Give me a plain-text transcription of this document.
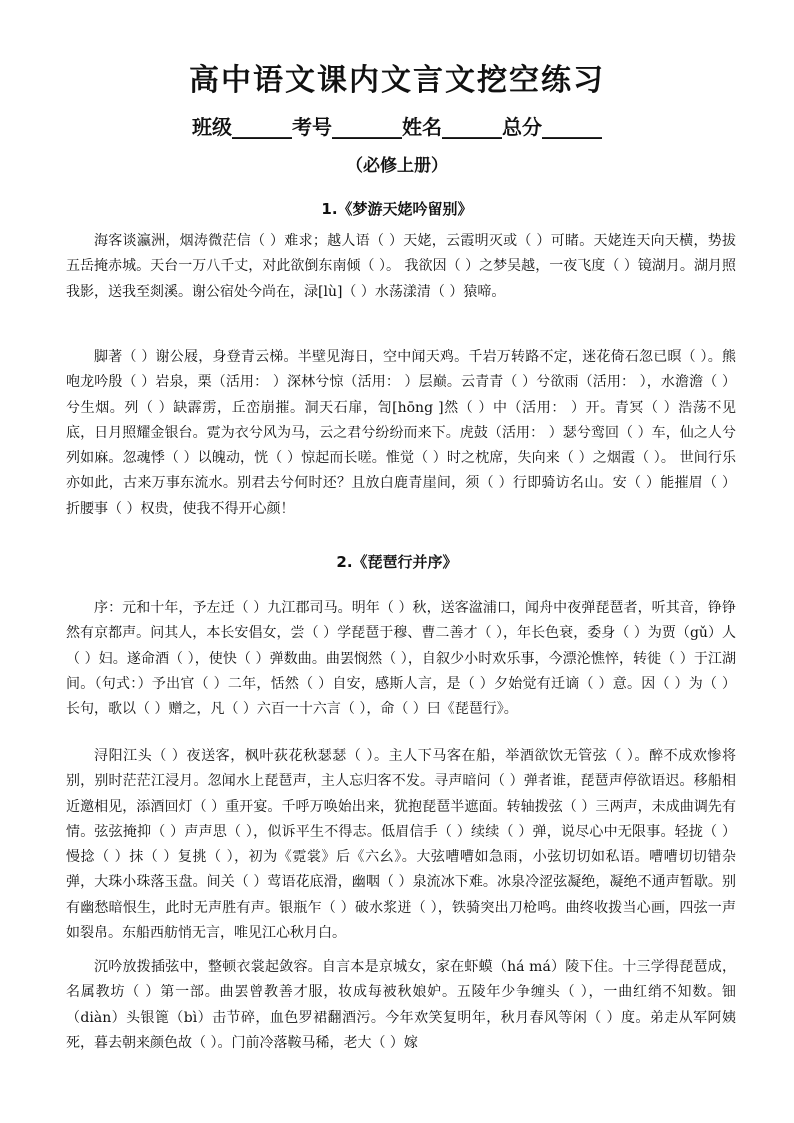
高中语文课内文言文挖空练习
班级______考号_______姓名______总分______
（必修上册）
1.《梦游天姥吟留别》

海客谈瀛洲，烟涛微茫信（ ）难求；越人语（ ）天姥，云霞明灭或（ ）可睹。天姥连天向天横，势拔五岳掩赤城。天台一万八千丈，对此欲倒东南倾（ ）。 我欲因（ ）之梦吴越，一夜飞度（ ）镜湖月。湖月照我影，送我至剡溪。谢公宿处今尚在，渌[lù]（ ）水荡漾清（ ）猿啼。

脚著（ ）谢公屐，身登青云梯。半壁见海日，空中闻天鸡。千岩万转路不定，迷花倚石忽已暝（ ）。熊咆龙吟殷（ ）岩泉，栗（活用： ）深林兮惊（活用： ）层巅。云青青（ ）兮欲雨（活用： ），水澹澹（ ）兮生烟。列（ ）缺霹雳，丘峦崩摧。洞天石扉，訇[hōng ]然（ ）中（活用： ）开。青冥（ ）浩荡不见底，日月照耀金银台。霓为衣兮风为马，云之君兮纷纷而来下。虎鼓（活用： ）瑟兮鸾回（ ）车，仙之人兮列如麻。忽魂悸（ ）以魄动，恍（ ）惊起而长嗟。惟觉（ ）时之枕席，失向来（ ）之烟霞（ ）。 世间行乐亦如此，古来万事东流水。别君去兮何时还？且放白鹿青崖间，须（ ）行即骑访名山。安（ ）能摧眉（ ）折腰事（ ）权贵，使我不得开心颜！

2.《琵琶行并序》

序：元和十年，予左迁（ ）九江郡司马。明年（ ）秋，送客湓浦口，闻舟中夜弹琵琶者，听其音，铮铮然有京都声。问其人，本长安倡女，尝（ ）学琵琶于穆、曹二善才（ ），年长色衰，委身（ ）为贾（gǔ）人（ ）妇。遂命酒（ ），使快（ ）弹数曲。曲罢悯然（ ），自叙少小时欢乐事，今漂沦憔悴，转徙（ ）于江湖间。（句式：）予出官（ ）二年，恬然（ ）自安，感斯人言，是（ ）夕始觉有迁谪（ ）意。因（ ）为（ ）长句，歌以（ ）赠之，凡（ ）六百一十六言（ ），命（ ）曰《琵琶行》。

浔阳江头（ ）夜送客，枫叶荻花秋瑟瑟（ ）。主人下马客在船，举酒欲饮无管弦（ ）。醉不成欢惨将别，别时茫茫江浸月。忽闻水上琵琶声，主人忘归客不发。寻声暗问（ ）弹者谁，琵琶声停欲语迟。移船相近邀相见，添酒回灯（ ）重开宴。千呼万唤始出来，犹抱琵琶半遮面。转轴拨弦（ ）三两声，未成曲调先有情。弦弦掩抑（ ）声声思（ ），似诉平生不得志。低眉信手（ ）续续（ ）弹，说尽心中无限事。轻拢（ ）慢捻（ ）抹（ ）复挑（ ），初为《霓裳》后《六幺》。大弦嘈嘈如急雨，小弦切切如私语。嘈嘈切切错杂弹，大珠小珠落玉盘。间关（ ）莺语花底滑，幽咽（ ）泉流冰下难。冰泉冷涩弦凝绝，凝绝不通声暂歇。别有幽愁暗恨生，此时无声胜有声。银瓶乍（ ）破水浆迸（ ），铁骑突出刀枪鸣。曲终收拨当心画，四弦一声如裂帛。东船西舫悄无言，唯见江心秋月白。

沉吟放拨插弦中，整顿衣裳起敛容。自言本是京城女，家在虾蟆（há má）陵下住。十三学得琵琶成，名属教坊（ ）第一部。曲罢曾教善才服，妆成每被秋娘妒。五陵年少争缠头（ ），一曲红绡不知数。钿（diàn）头银篦（bì）击节碎，血色罗裙翻酒污。今年欢笑复明年，秋月春风等闲（ ）度。弟走从军阿姨死，暮去朝来颜色故（ ）。门前冷落鞍马稀，老大（ ）嫁
